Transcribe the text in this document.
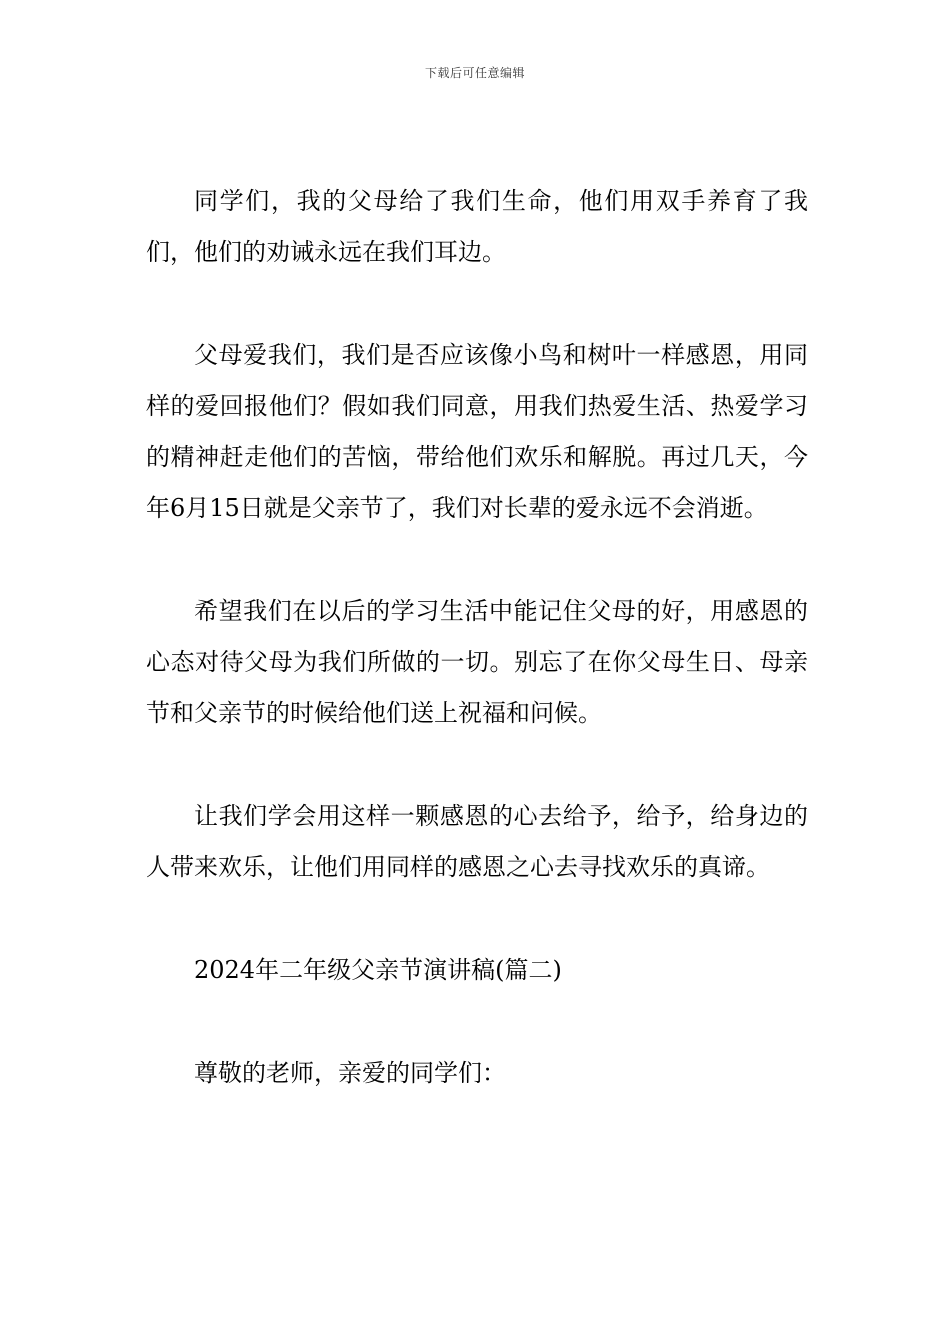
下载后可任意编辑

同学们，我的父母给了我们生命，他们用双手养育了我们，他们的劝诫永远在我们耳边。

父母爱我们，我们是否应该像小鸟和树叶一样感恩，用同样的爱回报他们？假如我们同意，用我们热爱生活、热爱学习的精神赶走他们的苦恼，带给他们欢乐和解脱。再过几天，今年6月15日就是父亲节了，我们对长辈的爱永远不会消逝。

希望我们在以后的学习生活中能记住父母的好，用感恩的心态对待父母为我们所做的一切。别忘了在你父母生日、母亲节和父亲节的时候给他们送上祝福和问候。

让我们学会用这样一颗感恩的心去给予，给予，给身边的人带来欢乐，让他们用同样的感恩之心去寻找欢乐的真谛。

2024年二年级父亲节演讲稿(篇二)

尊敬的老师，亲爱的同学们：
